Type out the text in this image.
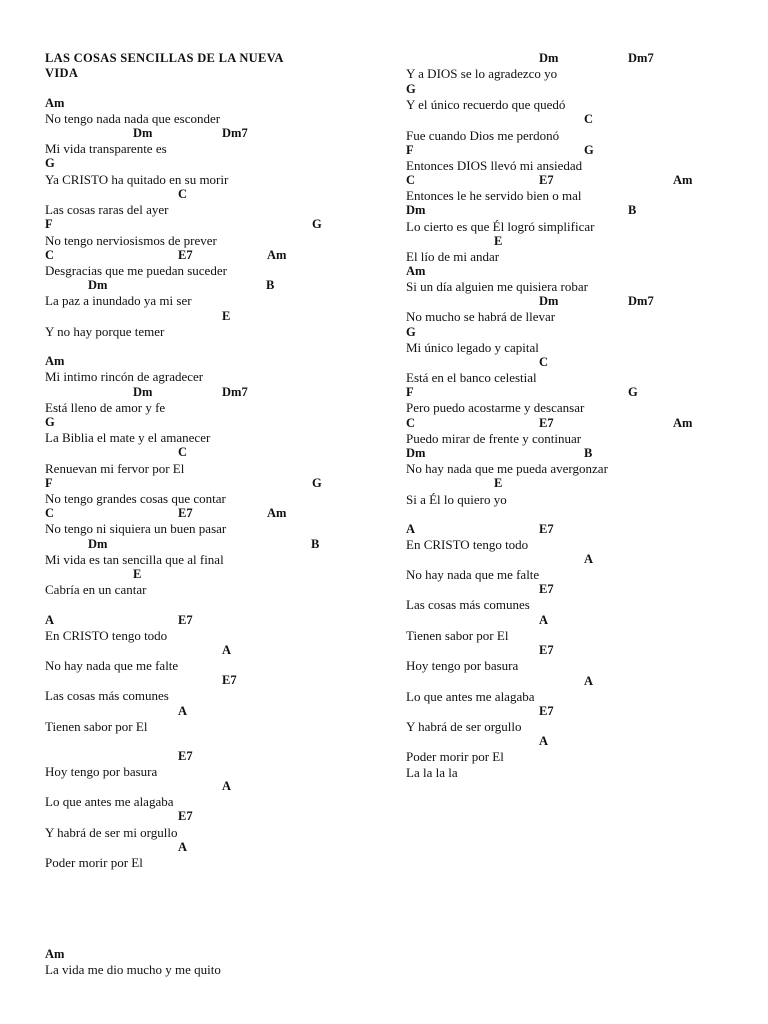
LAS COSAS SENCILLAS DE LA NUEVA
VIDA
Am
No tengo nada nada que esconder
Dm	Dm7
Mi vida transparente es
G
Ya CRISTO ha quitado en su morir
C
Las cosas raras del ayer
F	G
No tengo nerviosismos de prever
C	E7	Am
Desgracias que me puedan suceder
Dm	B
La paz a inundado ya mi ser
E
Y no hay porque temer
Am
Mi intimo rincón de agradecer
Dm	Dm7
Está lleno de amor y fe
G
La Biblia el mate y el amanecer
C
Renuevan mi fervor por El
F	G
No tengo grandes cosas que contar
C	E7	Am
No tengo ni siquiera un buen pasar
Dm	B
Mi vida es tan sencilla que al final
E
Cabría en un cantar
A	E7
En CRISTO tengo todo
A
No hay nada que me falte
E7
Las cosas más comunes
A
Tienen sabor por El
E7
Hoy tengo por basura
A
Lo que antes me alagaba
E7
Y habrá de ser mi orgullo
A
Poder morir por El
Am
La vida me dio mucho y me quito
Dm	Dm7
Y a DIOS se lo agradezco yo
G
Y el único recuerdo que quedó
C
Fue cuando Dios me perdonó
F	G
Entonces DIOS llevó mi ansiedad
C	E7	Am
Entonces le he servido bien o mal
Dm	B
Lo cierto es que Él logró simplificar
E
El lío de mi andar
Am
Si un día alguien me quisiera robar
Dm	Dm7
No mucho se habrá de llevar
G
Mi único legado y capital
C
Está en el banco celestial
F	G
Pero puedo acostarme y descansar
C	E7	Am
Puedo mirar de frente y continuar
Dm	B
No hay nada que me pueda avergonzar
E
Si a Él lo quiero yo
A	E7
En CRISTO tengo todo
A
No hay nada que me falte
E7
Las cosas más comunes
A
Tienen sabor por El
E7
Hoy tengo por basura
A
Lo que antes me alagaba
E7
Y habrá de ser orgullo
A
Poder morir por El
La la la la
